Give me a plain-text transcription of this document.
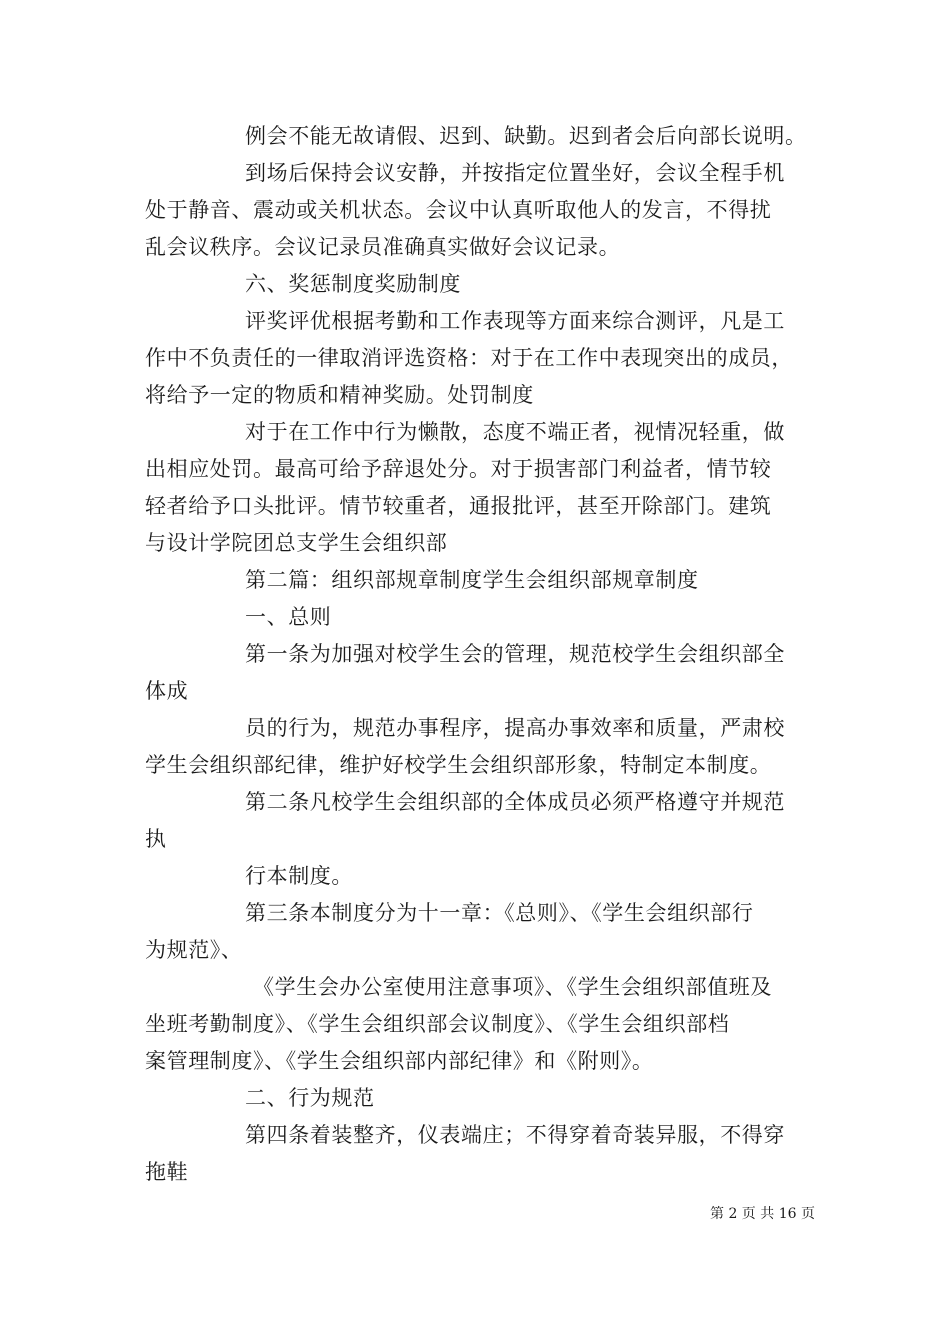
例会不能无故请假、迟到、缺勤。迟到者会后向部长说明。
到场后保持会议安静，并按指定位置坐好，会议全程手机
处于静音、震动或关机状态。会议中认真听取他人的发言，不得扰
乱会议秩序。会议记录员准确真实做好会议记录。
六、奖惩制度奖励制度
评奖评优根据考勤和工作表现等方面来综合测评，凡是工
作中不负责任的一律取消评选资格：对于在工作中表现突出的成员，
将给予一定的物质和精神奖励。处罚制度
对于在工作中行为懒散，态度不端正者，视情况轻重，做
出相应处罚。最高可给予辞退处分。对于损害部门利益者，情节较
轻者给予口头批评。情节较重者，通报批评，甚至开除部门。建筑
与设计学院团总支学生会组织部
第二篇：组织部规章制度学生会组织部规章制度
一、总则
第一条为加强对校学生会的管理，规范校学生会组织部全
体成
员的行为，规范办事程序，提高办事效率和质量，严肃校
学生会组织部纪律，维护好校学生会组织部形象，特制定本制度。
第二条凡校学生会组织部的全体成员必须严格遵守并规范
执
行本制度。
第三条本制度分为十一章：《总则》、《学生会组织部行
为规范》、
《学生会办公室使用注意事项》、《学生会组织部值班及
坐班考勤制度》、《学生会组织部会议制度》、《学生会组织部档
案管理制度》、《学生会组织部内部纪律》和《附则》。
二、行为规范
第四条着装整齐，仪表端庄；不得穿着奇装异服，不得穿
拖鞋
第 2 页 共 16 页
